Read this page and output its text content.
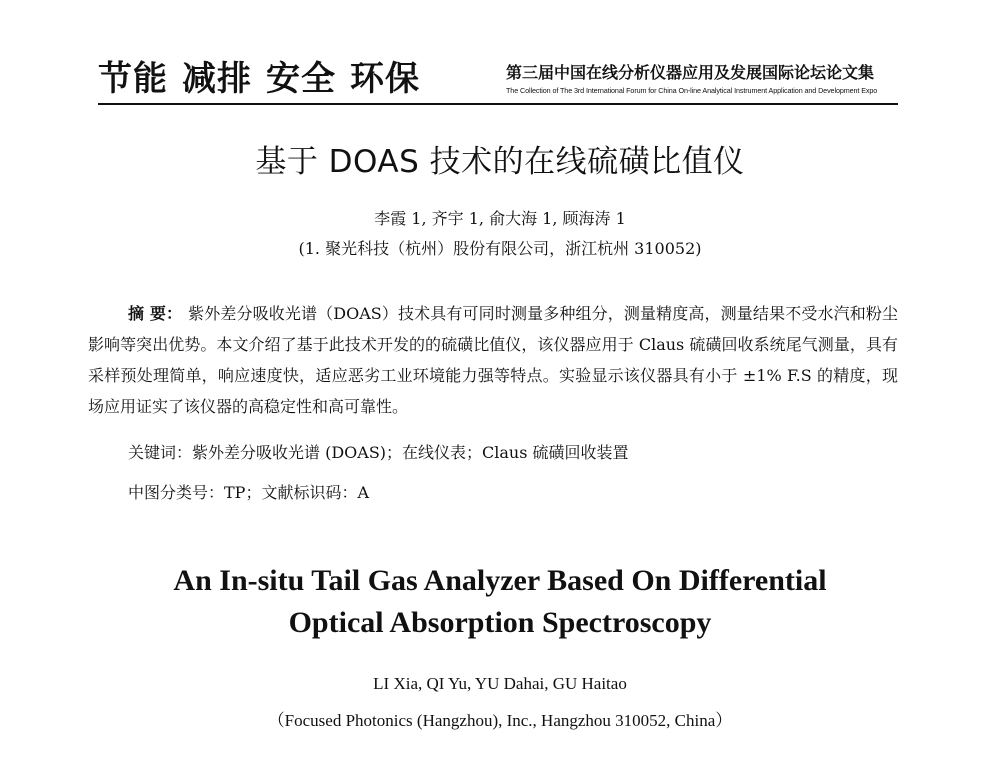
节能 减排 安全 环保	第三届中国在线分析仪器应用及发展国际论坛论文集
The Collection of The 3rd International Forum for China On-line Analytical Instrument Application and Development Expo
基于 DOAS 技术的在线硫磺比值仪
李霞 1, 齐宇 1, 俞大海 1, 顾海涛 1
(1. 聚光科技（杭州）股份有限公司，浙江杭州 310052)
摘 要： 紫外差分吸收光谱（DOAS）技术具有可同时测量多种组分，测量精度高，测量结果不受水汽和粉尘影响等突出优势。本文介绍了基于此技术开发的的硫磺比值仪，该仪器应用于 Claus 硫磺回收系统尾气测量，具有采样预处理简单，响应速度快，适应恶劣工业环境能力强等特点。实验显示该仪器具有小于 ±1% F.S 的精度，现场应用证实了该仪器的高稳定性和高可靠性。
关键词：紫外差分吸收光谱 (DOAS)；在线仪表；Claus 硫磺回收装置
中图分类号：TP；文献标识码：A
An In-situ Tail Gas Analyzer Based On Differential
Optical Absorption Spectroscopy
LI Xia, QI Yu, YU Dahai, GU Haitao
（Focused Photonics (Hangzhou), Inc., Hangzhou 310052, China）
